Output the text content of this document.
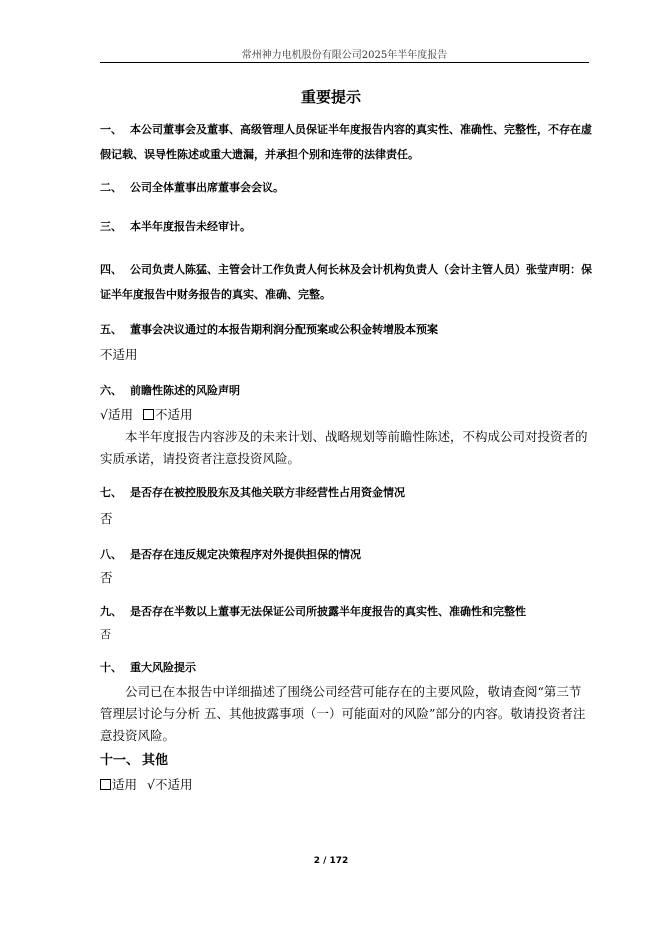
常州神力电机股份有限公司2025年半年度报告
重要提示
一、 本公司董事会及董事、高级管理人员保证半年度报告内容的真实性、准确性、完整性，不存在虚假记载、误导性陈述或重大遗漏，并承担个别和连带的法律责任。
二、 公司全体董事出席董事会会议。
三、 本半年度报告未经审计。
四、 公司负责人陈猛、主管会计工作负责人何长林及会计机构负责人（会计主管人员）张莹声明：保证半年度报告中财务报告的真实、准确、完整。
五、 董事会决议通过的本报告期利润分配预案或公积金转增股本预案
不适用
六、 前瞻性陈述的风险声明
√适用 不适用
本半年度报告内容涉及的未来计划、战略规划等前瞻性陈述，不构成公司对投资者的实质承诺，请投资者注意投资风险。
七、 是否存在被控股股东及其他关联方非经营性占用资金情况
否
八、 是否存在违反规定决策程序对外提供担保的情况
否
九、 是否存在半数以上董事无法保证公司所披露半年度报告的真实性、准确性和完整性
否
十、 重大风险提示
公司已在本报告中详细描述了围绕公司经营可能存在的主要风险，敬请查阅“第三节 管理层讨论与分析 五、其他披露事项（一）可能面对的风险”部分的内容。敬请投资者注意投资风险。
十一、 其他
适用 √不适用
2 / 172
